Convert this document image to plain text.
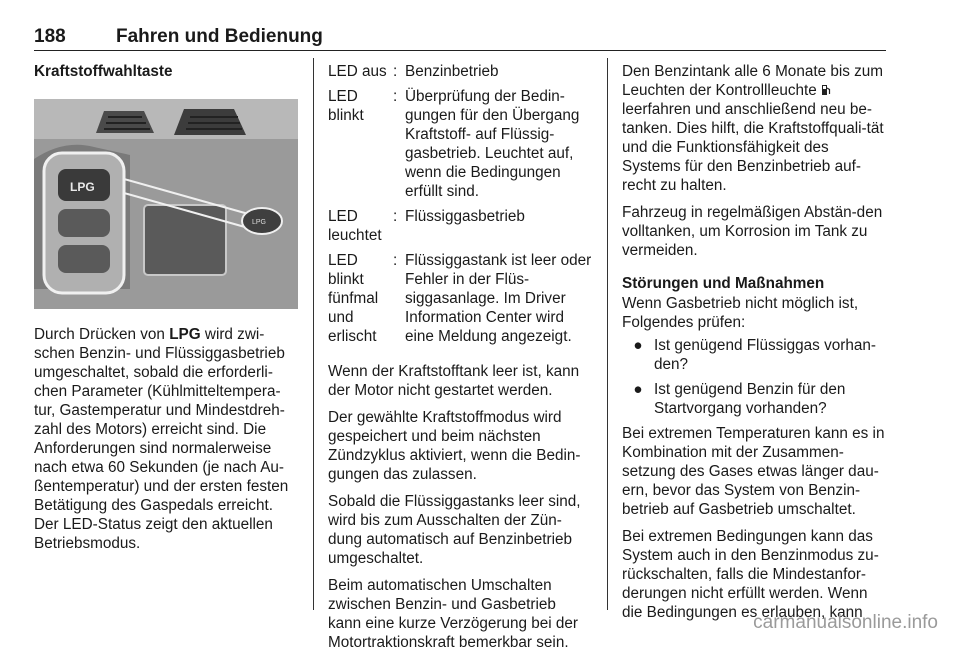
188	Fahren und Bedienung
Kraftstoffwahltaste
LPG
LPG

Durch Drücken von LPG wird zwi-schen Benzin- und Flüssiggasbetrieb umgeschaltet, sobald die erforderli-chen Parameter (Kühlmitteltempera-tur, Gastemperatur und Mindestdreh-zahl des Motors) erreicht sind. Die Anforderungen sind normalerweise nach etwa 60 Sekunden (je nach Au-ßentemperatur) und der ersten festen Betätigung des Gaspedals erreicht. Der LED-Status zeigt den aktuellen Betriebsmodus.

LED aus : Benzinbetrieb
LED blinkt
: Überprüfung der Bedin-gungen für den Übergang Kraftstoff- auf Flüssig-gasbetrieb. Leuchtet auf, wenn die Bedingungen erfüllt sind.
LED leuchtet
: Flüssiggasbetrieb
LED blinkt fünfmal und erlischt
: Flüssiggastank ist leer oder Fehler in der Flüs-siggasanlage. Im Driver Information Center wird eine Meldung angezeigt.

Wenn der Kraftstofftank leer ist, kann der Motor nicht gestartet werden.

Der gewählte Kraftstoffmodus wird gespeichert und beim nächsten Zündzyklus aktiviert, wenn die Bedin-gungen das zulassen.

Sobald die Flüssiggastanks leer sind, wird bis zum Ausschalten der Zün-dung automatisch auf Benzinbetrieb umgeschaltet.

Beim automatischen Umschalten zwischen Benzin- und Gasbetrieb kann eine kurze Verzögerung bei der Motortraktionskraft bemerkbar sein.

Den Benzintank alle 6 Monate bis zum Leuchten der Kontrollleuchte  leerfahren und anschließend neu be-tanken. Dies hilft, die Kraftstoffquali-tät und die Funktionsfähigkeit des Systems für den Benzinbetrieb auf-recht zu halten.

Fahrzeug in regelmäßigen Abstän-den volltanken, um Korrosion im Tank zu vermeiden.

Störungen und Maßnahmen

Wenn Gasbetrieb nicht möglich ist, Folgendes prüfen:

● Ist genügend Flüssiggas vorhan-den?
● Ist genügend Benzin für den Startvorgang vorhanden?

Bei extremen Temperaturen kann es in Kombination mit der Zusammen-setzung des Gases etwas länger dau-ern, bevor das System von Benzin-betrieb auf Gasbetrieb umschaltet.

Bei extremen Bedingungen kann das System auch in den Benzinmodus zu-rückschalten, falls die Mindestanfor-derungen nicht erfüllt werden. Wenn die Bedingungen es erlauben, kann

carmanualsonline.info
